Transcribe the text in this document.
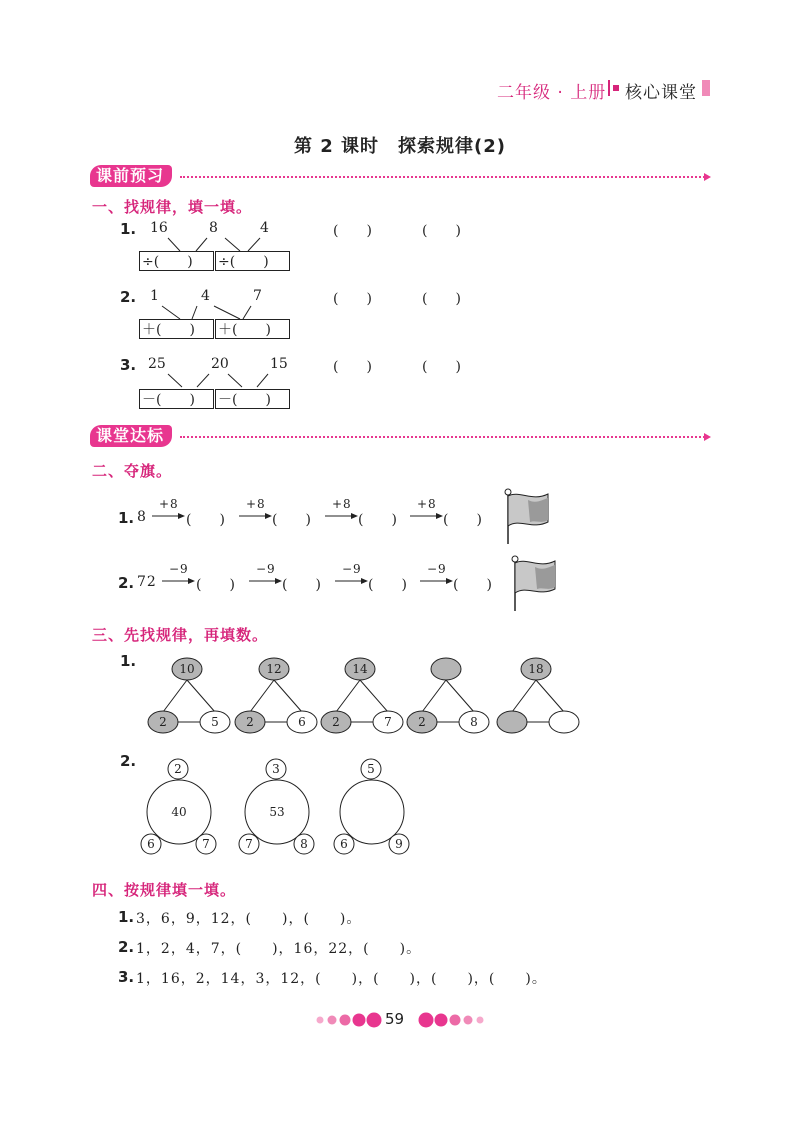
二年级 · 上册 核心课堂
第 2 课时　探索规律(2)
课前预习
一、找规律，填一填。
1. 16	8	4
÷(　　)	÷(　　)
(　　)	(　　)
2. 1	4	7
＋(　　)	＋(　　)
(　　)	(　　)
3. 25	20	15
－(　　)	－(　　)
(　　)	(　　)
课堂达标
二、夺旗。
1. 8
2. 72
+8	+8	+8	+8
(　　)	(　　)	(　　)	(　　)
−9	−9	−9	−9
(　　)	(　　)	(　　)	(　　)
三、先找规律，再填数。
1.	10
2	5
12
2	6
14
2	7 2	8
18
2.	2
40
6	7
3
53
7	8
5
6	9
四、按规律填一填。
1. 3，6，9，12，(　　)，(　　)。
2. 1，2，4，7，(　　)，16，22，(　　)。
3. 1，16，2，14，3，12，(　　)，(　　)，(　　)，(　　)。
59
